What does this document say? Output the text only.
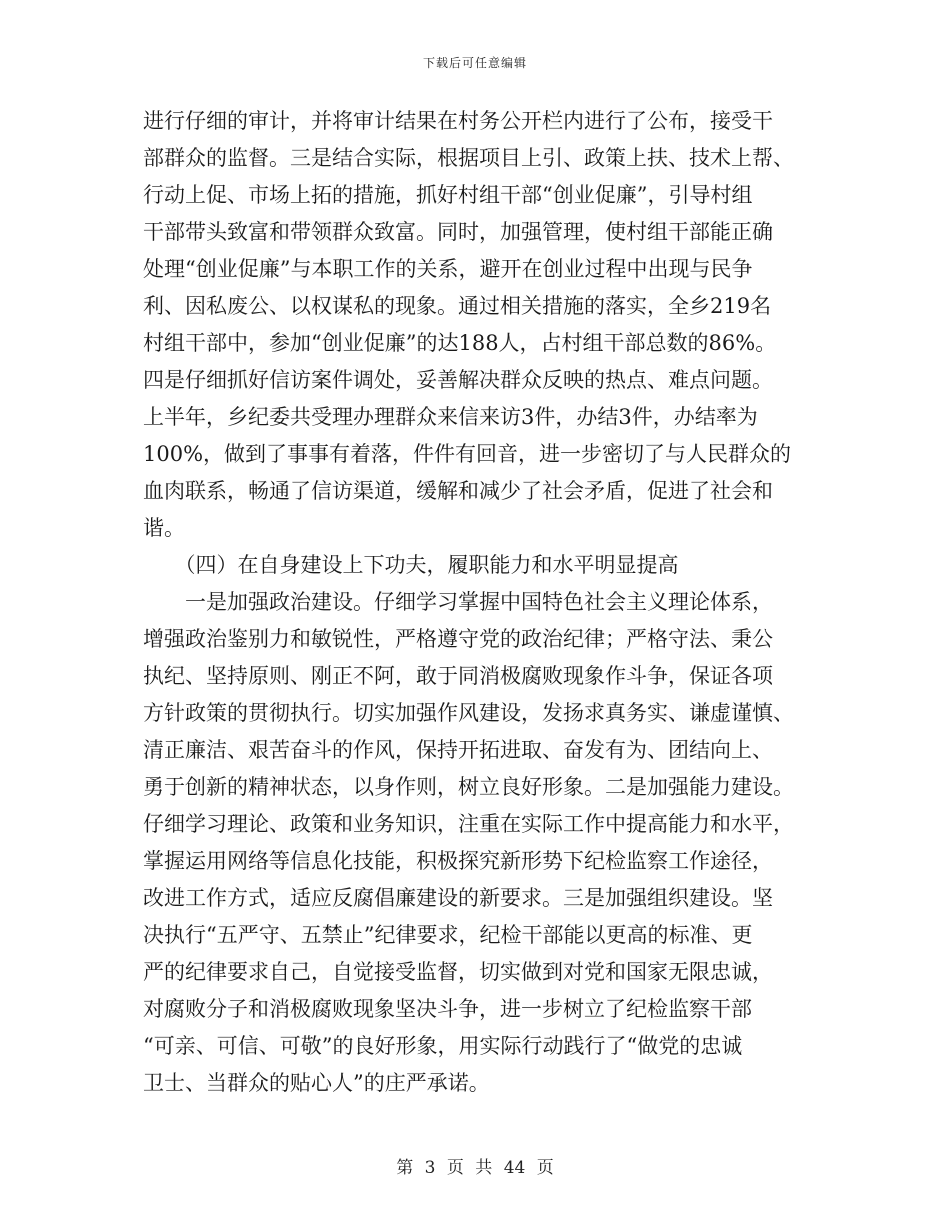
下载后可任意编辑
进行仔细的审计，并将审计结果在村务公开栏内进行了公布，接受干
部群众的监督。三是结合实际，根据项目上引、政策上扶、技术上帮、
行动上促、市场上拓的措施，抓好村组干部“创业促廉”，引导村组
干部带头致富和带领群众致富。同时，加强管理，使村组干部能正确
处理“创业促廉”与本职工作的关系，避开在创业过程中出现与民争
利、因私废公、以权谋私的现象。通过相关措施的落实，全乡219名
村组干部中，参加“创业促廉”的达188人，占村组干部总数的86%。
四是仔细抓好信访案件调处，妥善解决群众反映的热点、难点问题。
上半年，乡纪委共受理办理群众来信来访3件，办结3件，办结率为
100%，做到了事事有着落，件件有回音，进一步密切了与人民群众的
血肉联系，畅通了信访渠道，缓解和减少了社会矛盾，促进了社会和
谐。
　　（四）在自身建设上下功夫，履职能力和水平明显提高
　　一是加强政治建设。仔细学习掌握中国特色社会主义理论体系，
增强政治鉴别力和敏锐性，严格遵守党的政治纪律；严格守法、秉公
执纪、坚持原则、刚正不阿，敢于同消极腐败现象作斗争，保证各项
方针政策的贯彻执行。切实加强作风建设，发扬求真务实、谦虚谨慎、
清正廉洁、艰苦奋斗的作风，保持开拓进取、奋发有为、团结向上、
勇于创新的精神状态，以身作则，树立良好形象。二是加强能力建设。
仔细学习理论、政策和业务知识，注重在实际工作中提高能力和水平，
掌握运用网络等信息化技能，积极探究新形势下纪检监察工作途径，
改进工作方式，适应反腐倡廉建设的新要求。三是加强组织建设。坚
决执行“五严守、五禁止”纪律要求，纪检干部能以更高的标准、更
严的纪律要求自己，自觉接受监督，切实做到对党和国家无限忠诚，
对腐败分子和消极腐败现象坚决斗争，进一步树立了纪检监察干部
“可亲、可信、可敬”的良好形象，用实际行动践行了“做党的忠诚
卫士、当群众的贴心人”的庄严承诺。
第 3 页 共 44 页
